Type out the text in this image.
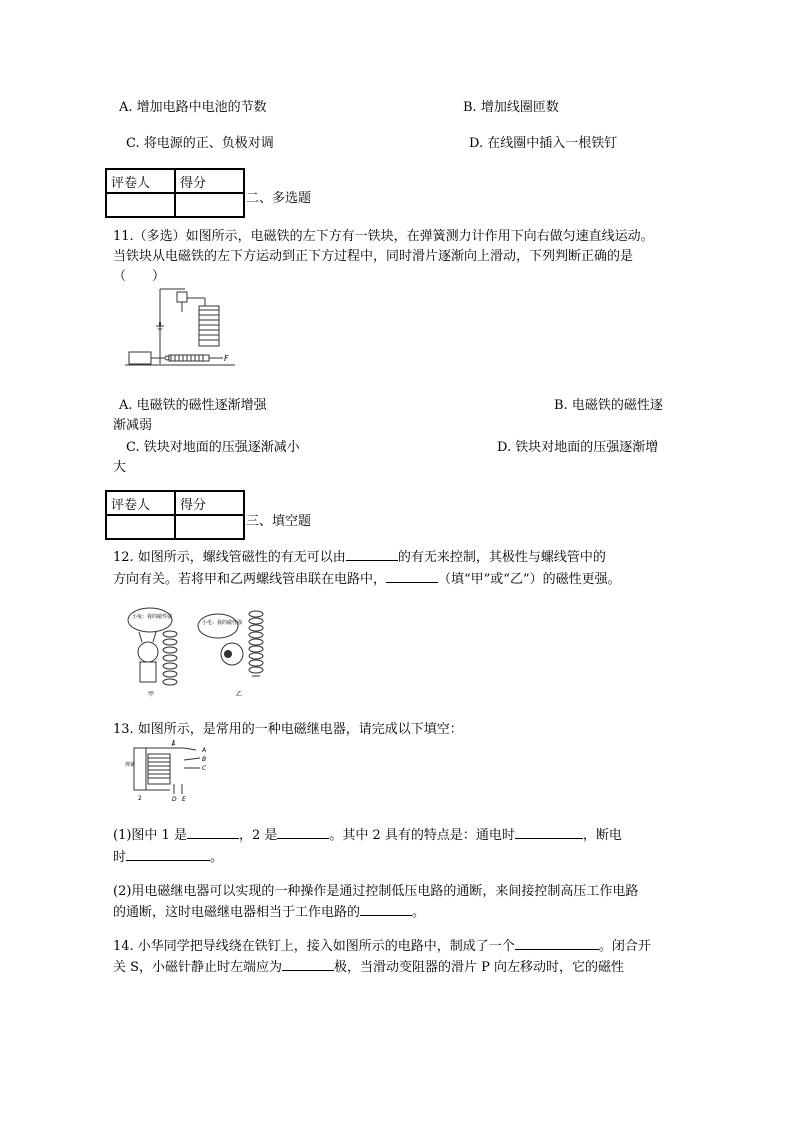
A. 增加电路中电池的节数	B. 增加线圈匝数
C. 将电源的正、负极对调	D. 在线圈中插入一根铁钉
评卷人	得分

二、多选题
11.（多选）如图所示，电磁铁的左下方有一铁块，在弹簧测力计作用下向右做匀速直线运动。
当铁块从电磁铁的左下方运动到正下方过程中，同时滑片逐渐向上滑动，下列判断正确的是
（　　）
F
A. 电磁铁的磁性逐渐增强	B. 电磁铁的磁性逐
渐减弱
C. 铁块对地面的压强逐渐减小	D. 铁块对地面的压强逐渐增
大
评卷人	得分

三、填空题
12. 如图所示，螺线管磁性的有无可以由	的有无来控制，其极性与螺线管中的
方向有关。若将甲和乙两螺线管串联在电路中，	（填“甲”或“乙”）的磁性更强。
小兔：我的磁性强
小毛：我的磁性强
甲	乙
13. 如图所示，是常用的一种电磁继电器，请完成以下填空：
1
2
A
B
C
D E
弹簧
(1)图中 1 是	，2 是	。其中 2 具有的特点是：通电时	，断电
时	。
(2)用电磁继电器可以实现的一种操作是通过控制低压电路的通断，来间接控制高压工作电路
的通断，这时电磁继电器相当于工作电路的	。
14. 小华同学把导线绕在铁钉上，接入如图所示的电路中，制成了一个	。闭合开
关 S，小磁针静止时左端应为	极，当滑动变阻器的滑片 P 向左移动时，它的磁性
